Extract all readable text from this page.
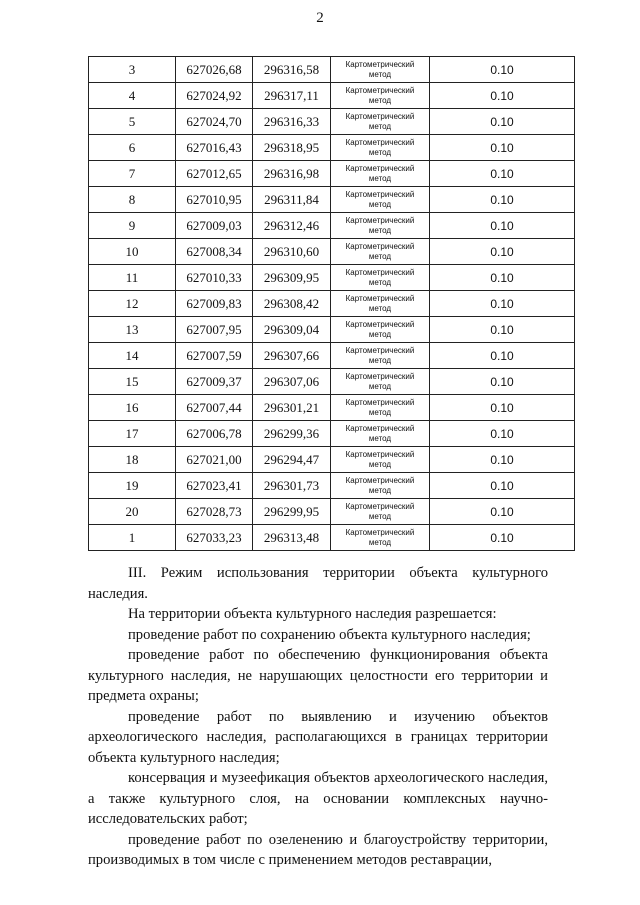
2
3	627026,68	296316,58	Картометрический метод	0.10
4	627024,92	296317,11	Картометрический метод	0.10
5	627024,70	296316,33	Картометрический метод	0.10
6	627016,43	296318,95	Картометрический метод	0.10
7	627012,65	296316,98	Картометрический метод	0.10
8	627010,95	296311,84	Картометрический метод	0.10
9	627009,03	296312,46	Картометрический метод	0.10
10	627008,34	296310,60	Картометрический метод	0.10
11	627010,33	296309,95	Картометрический метод	0.10
12	627009,83	296308,42	Картометрический метод	0.10
13	627007,95	296309,04	Картометрический метод	0.10
14	627007,59	296307,66	Картометрический метод	0.10
15	627009,37	296307,06	Картометрический метод	0.10
16	627007,44	296301,21	Картометрический метод	0.10
17	627006,78	296299,36	Картометрический метод	0.10
18	627021,00	296294,47	Картометрический метод	0.10
19	627023,41	296301,73	Картометрический метод	0.10
20	627028,73	296299,95	Картометрический метод	0.10
1	627033,23	296313,48	Картометрический метод	0.10

III. Режим использования территории объекта культурного наследия.

На территории объекта культурного наследия разрешается:

проведение работ по сохранению объекта культурного наследия;

проведение работ по обеспечению функционирования объекта культурного наследия, не нарушающих целостности его территории и предмета охраны;

проведение работ по выявлению и изучению объектов археологического наследия, располагающихся в границах территории объекта культурного наследия;

консервация и музеефикация объектов археологического наследия, а также культурного слоя, на основании комплексных научно-исследовательских работ;

проведение работ по озеленению и благоустройству территории, производимых в том числе с применением методов реставрации,
